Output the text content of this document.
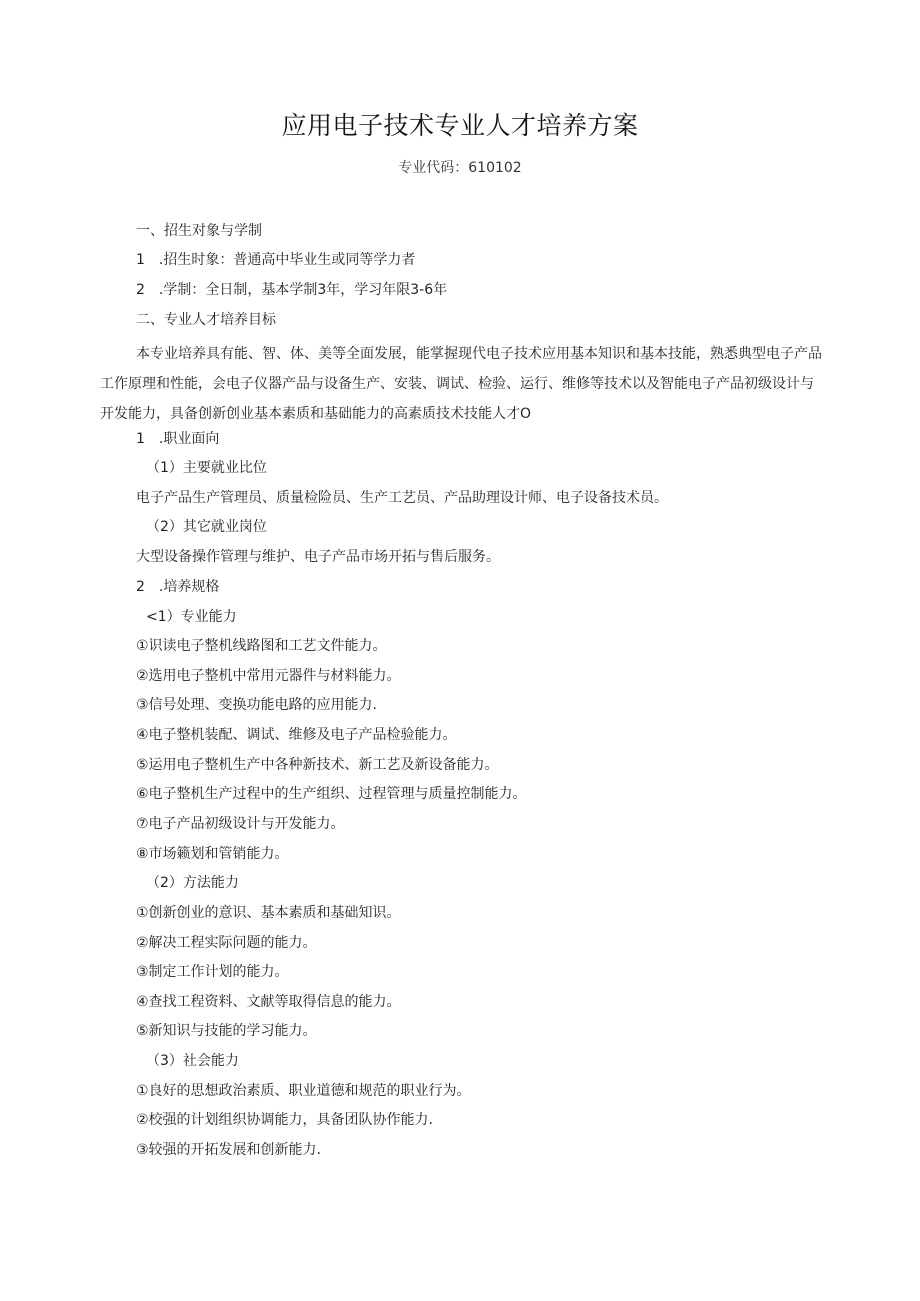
应用电子技术专业人才培养方案
专业代码：610102
一、招生对象与学制
1　.招生时象：普通高中毕业生或同等学力者
2　.学制：全日制，基本学制3年，学习年限3-6年
二、专业人才培养目标

本专业培养具有能、智、体、美等全面发展，能掌握现代电子技术应用基本知识和基本技能，熟悉典型电子产品工作原理和性能，会电子仪器产品与设备生产、安装、调试、检验、运行、维修等技术以及智能电子产品初级设计与开发能力，具备创新创业基本素质和基础能力的高素质技术技能人才O

1　.职业面向
（1）主要就业比位
电子产品生产管理员、质量检险员、生产工艺员、产品助理设计师、电子设备技术员。
（2）其它就业岗位
大型设备操作管理与维护、电子产品市场开拓与售后服务。
2　.培养规格
<1）专业能力
①识读电子整机线路图和工艺文件能力。
②选用电子整机中常用元器件与材料能力。
③信号处理、变换功能电路的应用能力.
④电子整机装配、调试、维修及电子产品检验能力。
⑤运用电子整机生产中各种新技术、新工艺及新设备能力。
⑥电子整机生产过程中的生产组织、过程管理与质量控制能力。
⑦电子产品初级设计与开发能力。
⑧市场籁划和管销能力。
（2）方法能力
①创新创业的意识、基本素质和基础知识。
②解决工程实际问题的能力。
③制定工作计划的能力。
④查找工程资料、文献等取得信息的能力。
⑤新知识与技能的学习能力。
（3）社会能力
①良好的思想政治素质、职业道德和规范的职业行为。
②校强的计划组织协调能力，具备团队协作能力.
③较强的开拓发展和创新能力.
